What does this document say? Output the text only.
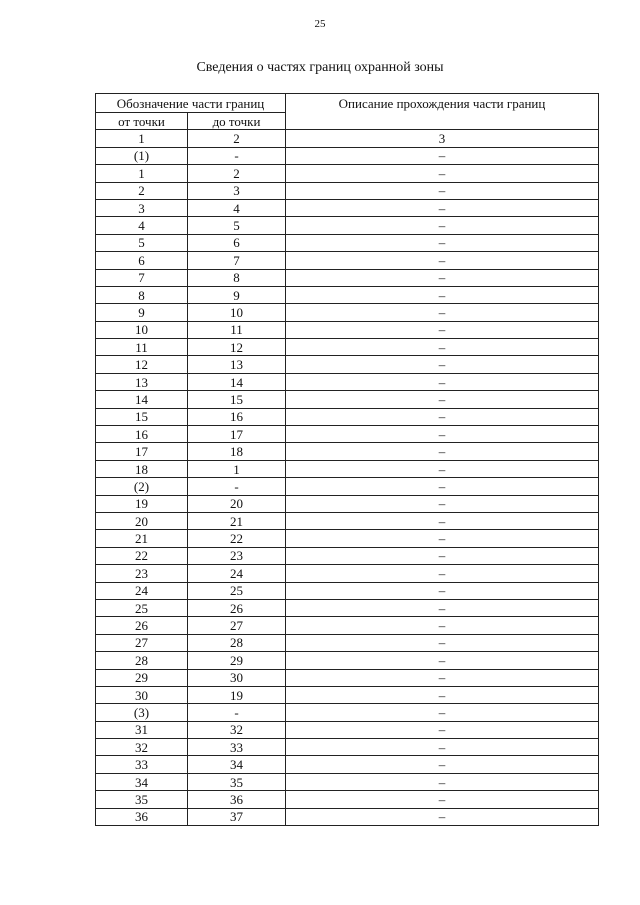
25
Сведения о частях границ охранной зоны
Обозначение части границ		Описание прохождения части границ
от точки	до точки	
1	2	3
(1)	-	–
1	2	–
2	3	–
3	4	–
4	5	–
5	6	–
6	7	–
7	8	–
8	9	–
9	10	–
10	11	–
11	12	–
12	13	–
13	14	–
14	15	–
15	16	–
16	17	–
17	18	–
18	1	–
(2)	-	–
19	20	–
20	21	–
21	22	–
22	23	–
23	24	–
24	25	–
25	26	–
26	27	–
27	28	–
28	29	–
29	30	–
30	19	–
(3)	-	–
31	32	–
32	33	–
33	34	–
34	35	–
35	36	–
36	37	–
